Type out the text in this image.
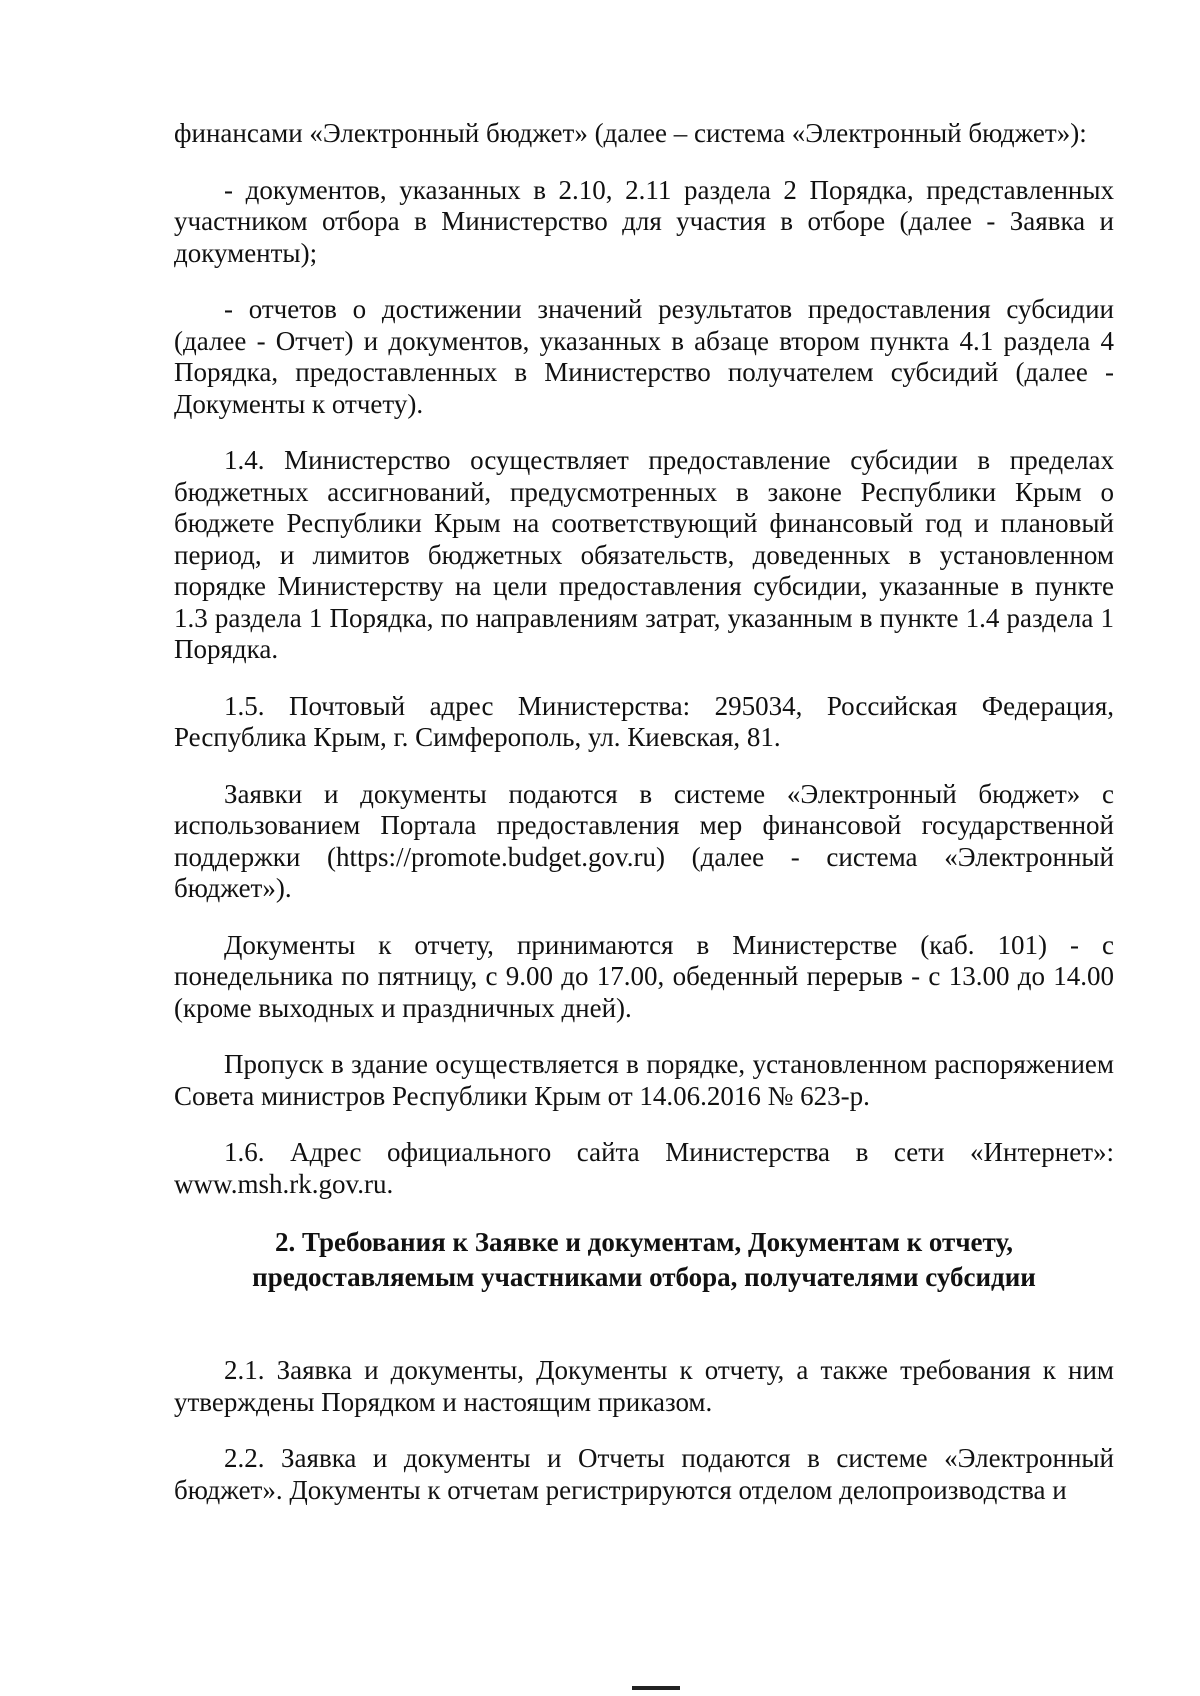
финансами «Электронный бюджет» (далее – система «Электронный бюджет»):

- документов, указанных в 2.10, 2.11 раздела 2 Порядка, представленных участником отбора в Министерство для участия в отборе (далее - Заявка и документы);

- отчетов о достижении значений результатов предоставления субсидии (далее - Отчет) и документов, указанных в абзаце втором пункта 4.1 раздела 4 Порядка, предоставленных в Министерство получателем субсидий (далее - Документы к отчету).

1.4. Министерство осуществляет предоставление субсидии в пределах бюджетных ассигнований, предусмотренных в законе Республики Крым о бюджете Республики Крым на соответствующий финансовый год и плановый период, и лимитов бюджетных обязательств, доведенных в установленном порядке Министерству на цели предоставления субсидии, указанные в пункте 1.3 раздела 1 Порядка, по направлениям затрат, указанным в пункте 1.4 раздела 1 Порядка.

1.5. Почтовый адрес Министерства: 295034, Российская Федерация, Республика Крым, г. Симферополь, ул. Киевская, 81.

Заявки и документы подаются в системе «Электронный бюджет» с использованием Портала предоставления мер финансовой государственной поддержки (https://promote.budget.gov.ru) (далее - система «Электронный бюджет»).

Документы к отчету, принимаются в Министерстве (каб. 101) - с понедельника по пятницу, с 9.00 до 17.00, обеденный перерыв - с 13.00 до 14.00 (кроме выходных и праздничных дней).

Пропуск в здание осуществляется в порядке, установленном распоряжением Совета министров Республики Крым от 14.06.2016 № 623-р.

1.6. Адрес официального сайта Министерства в сети «Интернет»: www.msh.rk.gov.ru.

2. Требования к Заявке и документам, Документам к отчету,
предоставляемым участниками отбора, получателями субсидии

2.1. Заявка и документы, Документы к отчету, а также требования к ним утверждены Порядком и настоящим приказом.

2.2. Заявка и документы и Отчеты подаются в системе «Электронный бюджет». Документы к отчетам регистрируются отделом делопроизводства и
